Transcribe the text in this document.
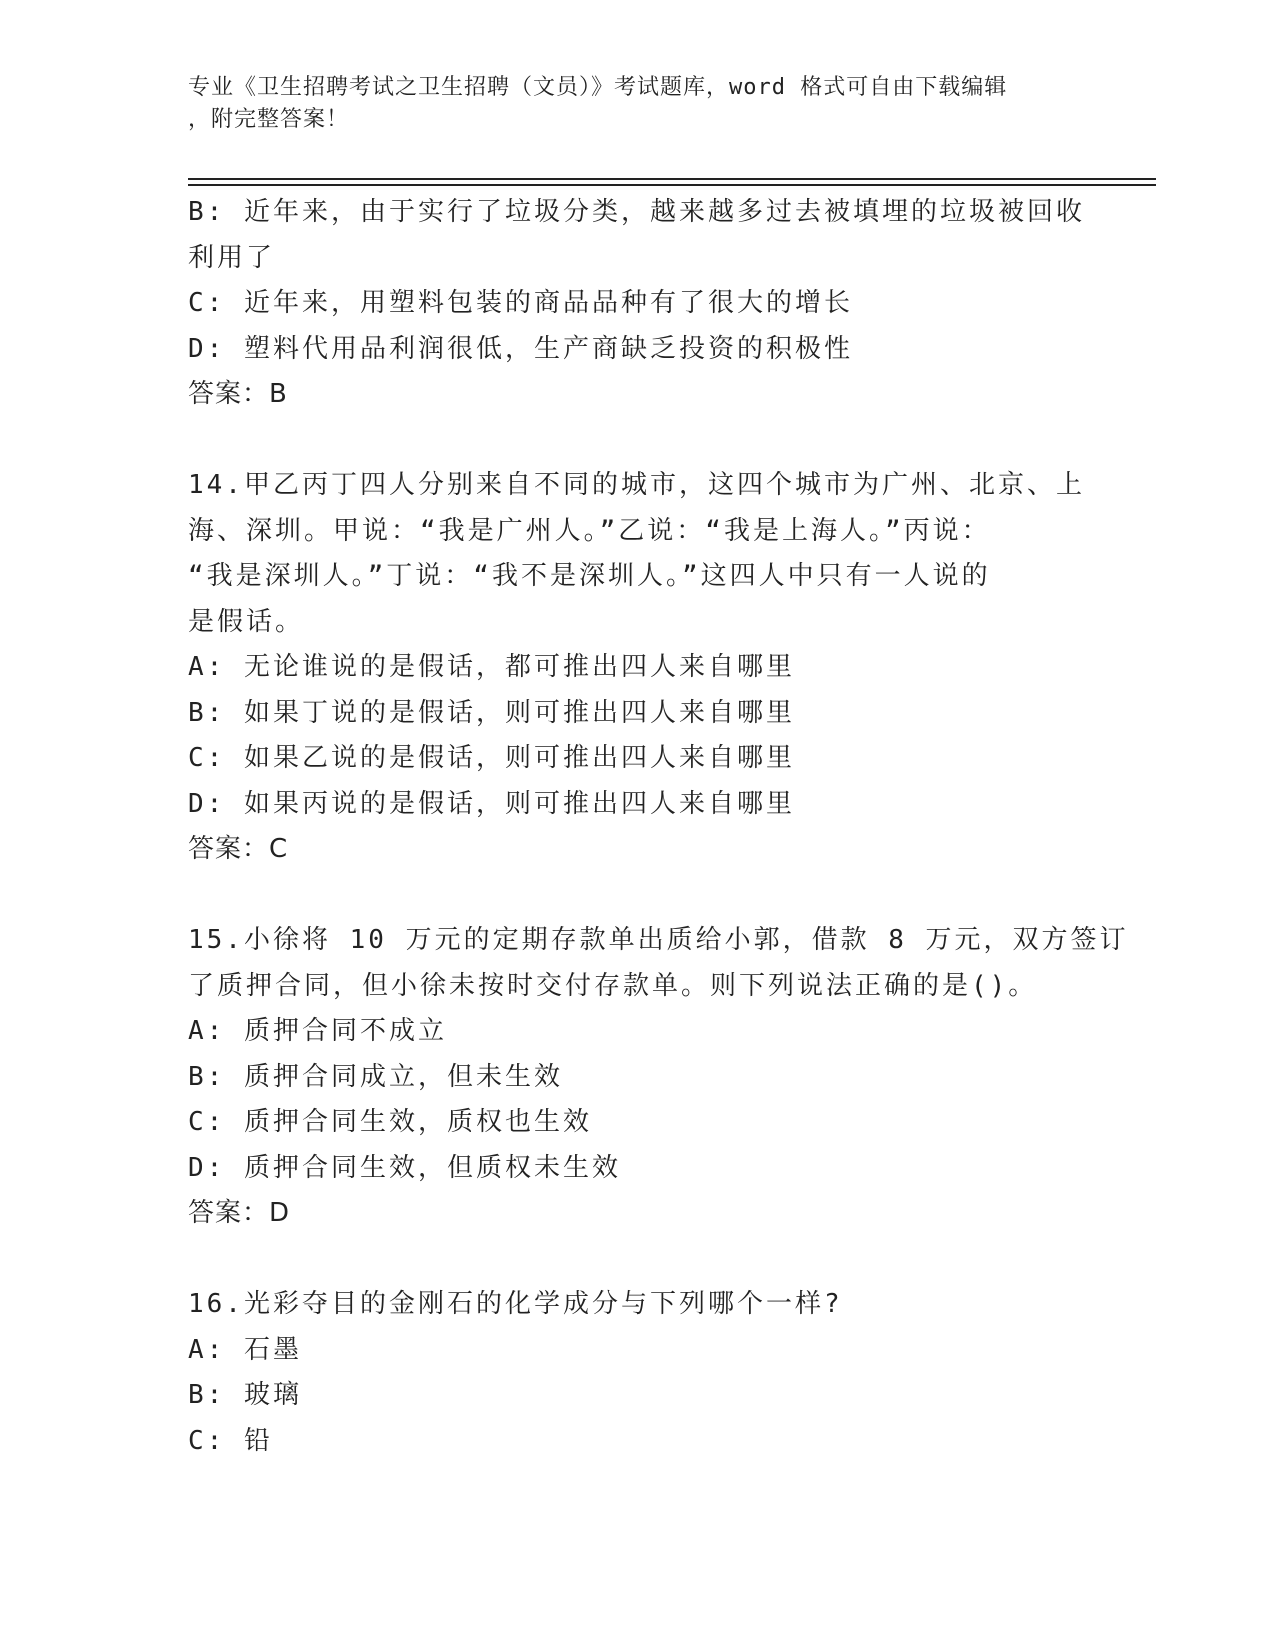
专业《卫生招聘考试之卫生招聘（文员）》考试题库，word 格式可自由下载编辑
，附完整答案！
B: 近年来，由于实行了垃圾分类，越来越多过去被填埋的垃圾被回收
利用了
C: 近年来，用塑料包装的商品品种有了很大的增长
D: 塑料代用品利润很低，生产商缺乏投资的积极性
答案：B
14.甲乙丙丁四人分别来自不同的城市，这四个城市为广州、北京、上
海、深圳。甲说：“我是广州人。”乙说：“我是上海人。”丙说：
“我是深圳人。”丁说：“我不是深圳人。”这四人中只有一人说的
是假话。
A: 无论谁说的是假话，都可推出四人来自哪里
B: 如果丁说的是假话，则可推出四人来自哪里
C: 如果乙说的是假话，则可推出四人来自哪里
D: 如果丙说的是假话，则可推出四人来自哪里
答案：C
15.小徐将 10 万元的定期存款单出质给小郭，借款 8 万元，双方签订
了质押合同，但小徐未按时交付存款单。则下列说法正确的是()。
A: 质押合同不成立
B: 质押合同成立，但未生效
C: 质押合同生效，质权也生效
D: 质押合同生效，但质权未生效
答案：D
16.光彩夺目的金刚石的化学成分与下列哪个一样?
A: 石墨
B: 玻璃
C: 铅
